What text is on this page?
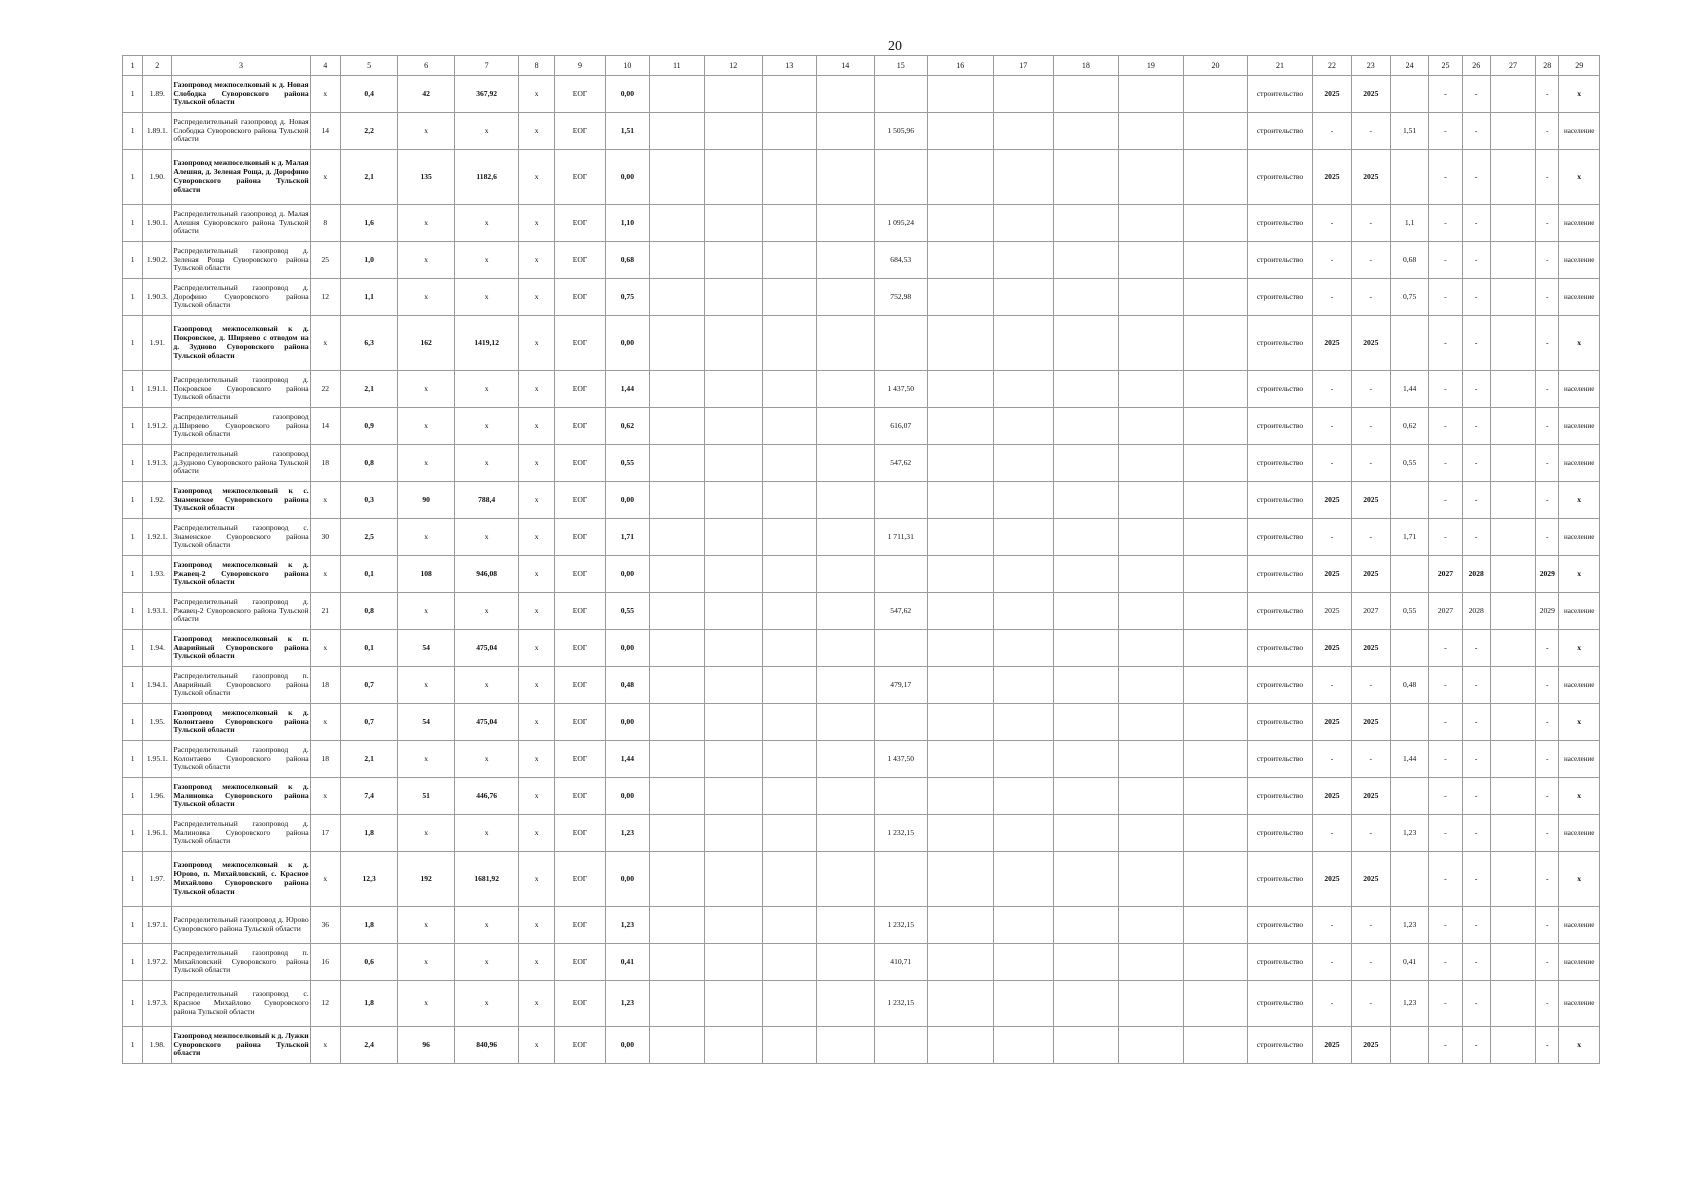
20
1	2	3	4	5	6	7	8	9	10	11	12	13	14	15	16	17	18	19	20	21	22	23	24	25	26	27	28	29
1	1.89.	Газопровод межпоселковый к д. Новая Слободка Суворовского района Тульской области	х	0,4	42	367,92	х	ЕОГ	0,00											строительство	2025	2025		-	-		-	х
1	1.89.1.	Распределительный газопровод д. Новая Слободка Суворовского района Тульской области	14	2,2	х	х	х	ЕОГ	1,51					1 505,96						строительство	-	-	1,51	-	-		-	население
1	1.90.	Газопровод межпоселковый к д. Малая Алешня, д. Зеленая Роща, д. Дорофино Суворовского района Тульской области	х	2,1	135	1182,6	х	ЕОГ	0,00											строительство	2025	2025		-	-		-	х
1	1.90.1.	Распределительный газопровод д. Малая Алешня Суворовского района Тульской области	8	1,6	х	х	х	ЕОГ	1,10					1 095,24						строительство	-	-	1,1	-	-		-	население
1	1.90.2.	Распределительный газопровод д. Зеленая Роща Суворовского района Тульской области	25	1,0	х	х	х	ЕОГ	0,68					684,53						строительство	-	-	0,68	-	-		-	население
1	1.90.3.	Распределительный газопровод д. Дорофино Суворовского района Тульской области	12	1,1	х	х	х	ЕОГ	0,75					752,98						строительство	-	-	0,75	-	-		-	население
1	1.91.	Газопровод межпоселковый к д. Покровское, д. Ширяево с отводом на д. Зудново Суворовского района Тульской области	х	6,3	162	1419,12	х	ЕОГ	0,00											строительство	2025	2025		-	-		-	х
1	1.91.1.	Распределительный газопровод д. Покровское Суворовского района Тульской области	22	2,1	х	х	х	ЕОГ	1,44					1 437,50						строительство	-	-	1,44	-	-		-	население
1	1.91.2.	Распределительный газопровод д.Ширяево Суворовского района Тульской области	14	0,9	х	х	х	ЕОГ	0,62					616,07						строительство	-	-	0,62	-	-		-	население
1	1.91.3.	Распределительный газопровод д.Зудново Суворовского района Тульской области	18	0,8	х	х	х	ЕОГ	0,55					547,62						строительство	-	-	0,55	-	-		-	население
1	1.92.	Газопровод межпоселковый к с. Знаменское Суворовского района Тульской области	х	0,3	90	788,4	х	ЕОГ	0,00											строительство	2025	2025		-	-		-	х
1	1.92.1.	Распределительный газопровод с. Знаменское Суворовского района Тульской области	30	2,5	х	х	х	ЕОГ	1,71					1 711,31						строительство	-	-	1,71	-	-		-	население
1	1.93.	Газопровод межпоселковый к д. Ржавец-2 Суворовского района Тульской области	х	0,1	108	946,08	х	ЕОГ	0,00											строительство	2025	2025		2027	2028		2029	х
1	1.93.1.	Распределительный газопровод д. Ржавец-2 Суворовского района Тульской области	21	0,8	х	х	х	ЕОГ	0,55					547,62						строительство	2025	2027	0,55	2027	2028		2029	население
1	1.94.	Газопровод межпоселковый к п. Аварийный Суворовского района Тульской области	х	0,1	54	475,04	х	ЕОГ	0,00											строительство	2025	2025		-	-		-	х
1	1.94.1.	Распределительный газопровод п. Аварийный Суворовского района Тульской области	18	0,7	х	х	х	ЕОГ	0,48					479,17						строительство	-	-	0,48	-	-		-	население
1	1.95.	Газопровод межпоселковый к д. Колонтаево Суворовского района Тульской области	х	0,7	54	475,04	х	ЕОГ	0,00											строительство	2025	2025		-	-		-	х
1	1.95.1.	Распределительный газопровод д. Колонтаево Суворовского района Тульской области	18	2,1	х	х	х	ЕОГ	1,44					1 437,50						строительство	-	-	1,44	-	-		-	население
1	1.96.	Газопровод межпоселковый к д. Малиновка Суворовского района Тульской области	х	7,4	51	446,76	х	ЕОГ	0,00											строительство	2025	2025		-	-		-	х
1	1.96.1.	Распределительный газопровод д. Малиновка Суворовского района Тульской области	17	1,8	х	х	х	ЕОГ	1,23					1 232,15						строительство	-	-	1,23	-	-		-	население
1	1.97.	Газопровод межпоселковый к д. Юрово, п. Михайловский, с. Красное Михайлово Суворовского района Тульской области	х	12,3	192	1681,92	х	ЕОГ	0,00											строительство	2025	2025		-	-		-	х
1	1.97.1.	Распределительный газопровод д. Юрово Суворовского района Тульской области	36	1,8	х	х	х	ЕОГ	1,23					1 232,15						строительство	-	-	1,23	-	-		-	население
1	1.97.2.	Распределительный газопровод п. Михайловский Суворовского района Тульской области	16	0,6	х	х	х	ЕОГ	0,41					410,71						строительство	-	-	0,41	-	-		-	население
1	1.97.3.	Распределительный газопровод с. Красное Михайлово Суворовского района Тульской области	12	1,8	х	х	х	ЕОГ	1,23					1 232,15						строительство	-	-	1,23	-	-		-	население
1	1.98.	Газопровод межпоселковый к д. Лужки Суворовского района Тульской области	х	2,4	96	840,96	х	ЕОГ	0,00											строительство	2025	2025		-	-		-	х
